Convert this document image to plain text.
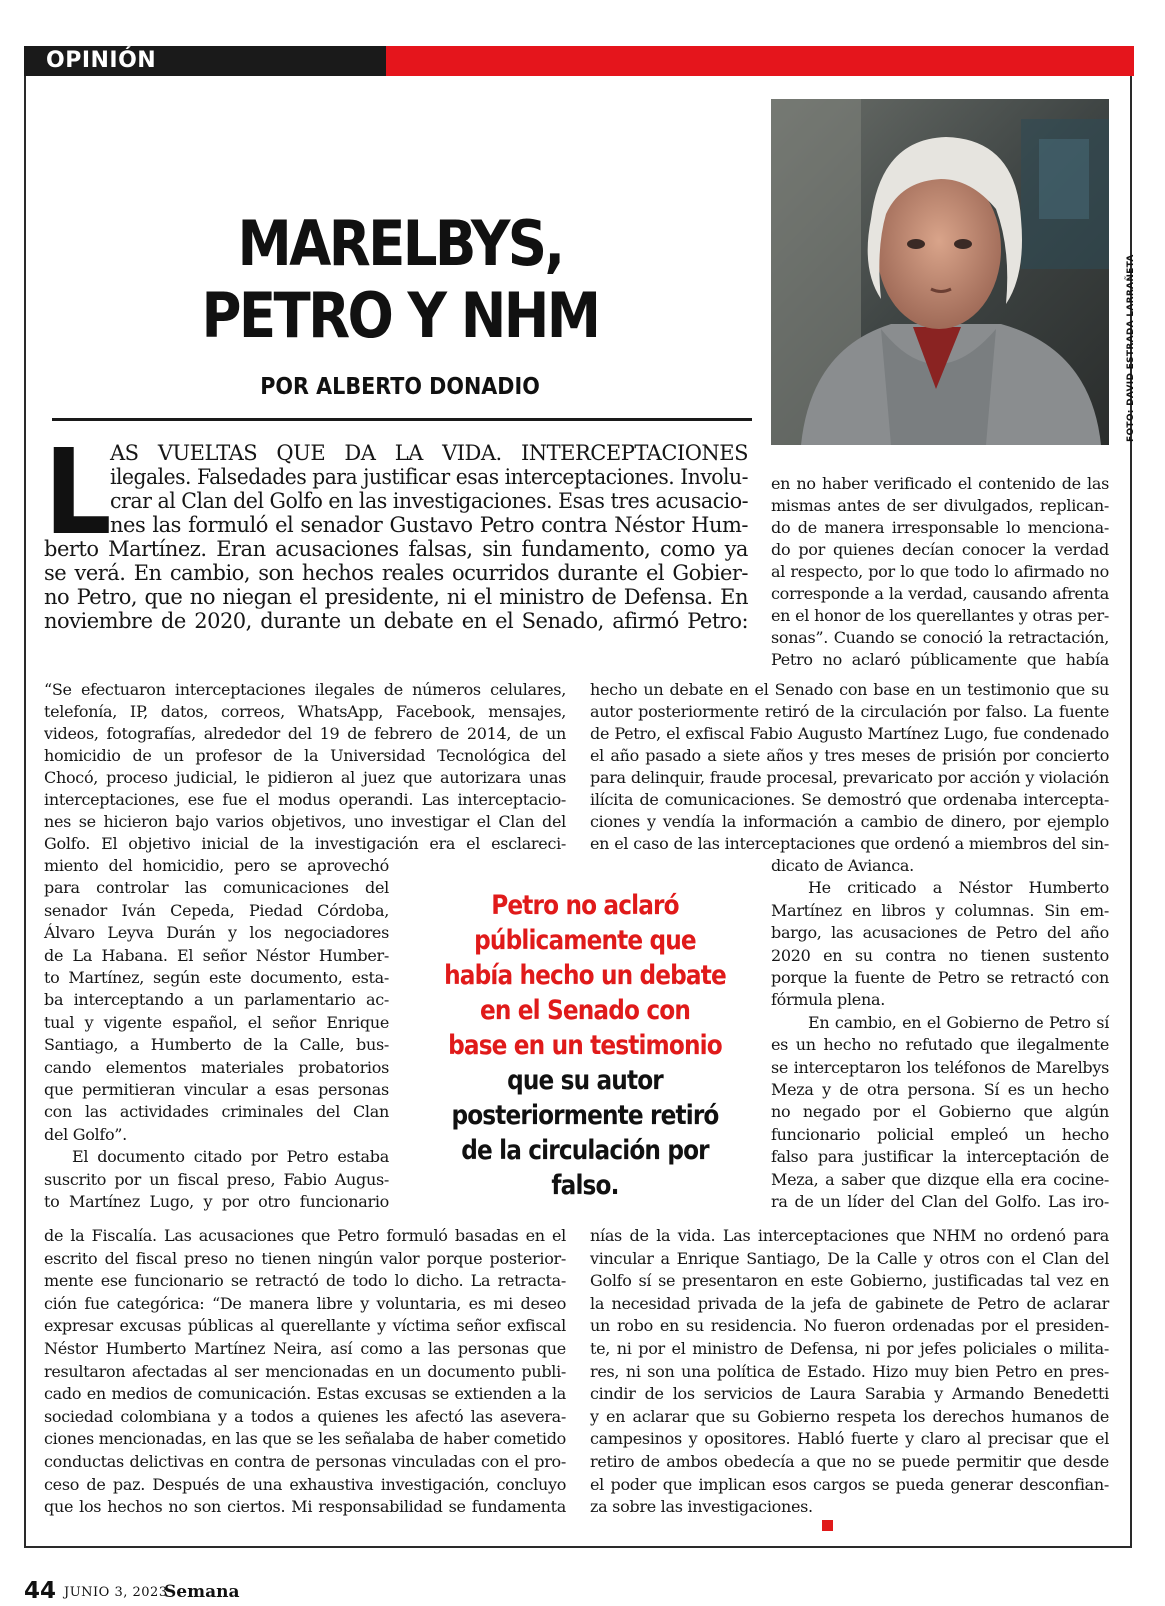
OPINIÓN
MARELBYS,
PETRO Y NHM
POR ALBERTO DONADIO	FOTO: DAVID ESTRADA LARRAÑETA
L
AS VUELTAS QUE DA LA VIDA. INTERCEPTACIONES
ilegales. Falsedades para justificar esas interceptaciones. Involu-
crar al Clan del Golfo en las investigaciones. Esas tres acusacio-
nes las formuló el senador Gustavo Petro contra Néstor Hum-
berto Martínez. Eran acusaciones falsas, sin fundamento, como ya
se verá. En cambio, son hechos reales ocurridos durante el Gobier-
no Petro, que no niegan el presidente, ni el ministro de Defensa. En
noviembre de 2020, durante un debate en el Senado, afirmó Petro:
“Se efectuaron interceptaciones ilegales de números celulares,
telefonía, IP, datos, correos, WhatsApp, Facebook, mensajes,
videos, fotografías, alrededor del 19 de febrero de 2014, de un
homicidio de un profesor de la Universidad Tecnológica del
Chocó, proceso judicial, le pidieron al juez que autorizara unas
interceptaciones, ese fue el modus operandi. Las interceptacio-
nes se hicieron bajo varios objetivos, uno investigar el Clan del
Golfo. El objetivo inicial de la investigación era el esclareci-
miento del homicidio, pero se aprovechó
para controlar las comunicaciones del
senador Iván Cepeda, Piedad Córdoba,
Álvaro Leyva Durán y los negociadores
de La Habana. El señor Néstor Humber-
to Martínez, según este documento, esta-
ba interceptando a un parlamentario ac-
tual y vigente español, el señor Enrique
Santiago, a Humberto de la Calle, bus-
cando elementos materiales probatorios
que permitieran vincular a esas personas
con las actividades criminales del Clan
del Golfo”.
El documento citado por Petro estaba
suscrito por un fiscal preso, Fabio Augus-
to Martínez Lugo, y por otro funcionario
de la Fiscalía. Las acusaciones que Petro formuló basadas en el
escrito del fiscal preso no tienen ningún valor porque posterior-
mente ese funcionario se retractó de todo lo dicho. La retracta-
ción fue categórica: “De manera libre y voluntaria, es mi deseo
expresar excusas públicas al querellante y víctima señor exfiscal
Néstor Humberto Martínez Neira, así como a las personas que
resultaron afectadas al ser mencionadas en un documento publi-
cado en medios de comunicación. Estas excusas se extienden a la
sociedad colombiana y a todos a quienes les afectó las asevera-
ciones mencionadas, en las que se les señalaba de haber cometido
conductas delictivas en contra de personas vinculadas con el pro-
ceso de paz. Después de una exhaustiva investigación, concluyo
que los hechos no son ciertos. Mi responsabilidad se fundamenta
en no haber verificado el contenido de las
mismas antes de ser divulgados, replican-
do de manera irresponsable lo menciona-
do por quienes decían conocer la verdad
al respecto, por lo que todo lo afirmado no
corresponde a la verdad, causando afrenta
en el honor de los querellantes y otras per-
sonas”. Cuando se conoció la retractación,
Petro no aclaró públicamente que había
hecho un debate en el Senado con base en un testimonio que su
autor posteriormente retiró de la circulación por falso. La fuente
de Petro, el exfiscal Fabio Augusto Martínez Lugo, fue condenado
el año pasado a siete años y tres meses de prisión por concierto
para delinquir, fraude procesal, prevaricato por acción y violación
ilícita de comunicaciones. Se demostró que ordenaba intercepta-
ciones y vendía la información a cambio de dinero, por ejemplo
en el caso de las interceptaciones que ordenó a miembros del sin-
dicato de Avianca.
He criticado a Néstor Humberto
Martínez en libros y columnas. Sin em-
bargo, las acusaciones de Petro del año
2020 en su contra no tienen sustento
porque la fuente de Petro se retractó con
fórmula plena.
En cambio, en el Gobierno de Petro sí
es un hecho no refutado que ilegalmente
se interceptaron los teléfonos de Marelbys
Meza y de otra persona. Sí es un hecho
no negado por el Gobierno que algún
funcionario policial empleó un hecho
falso para justificar la interceptación de
Meza, a saber que dizque ella era cocine-
ra de un líder del Clan del Golfo. Las iro-
nías de la vida. Las interceptaciones que NHM no ordenó para
vincular a Enrique Santiago, De la Calle y otros con el Clan del
Golfo sí se presentaron en este Gobierno, justificadas tal vez en
la necesidad privada de la jefa de gabinete de Petro de aclarar
un robo en su residencia. No fueron ordenadas por el presiden-
te, ni por el ministro de Defensa, ni por jefes policiales o milita-
res, ni son una política de Estado. Hizo muy bien Petro en pres-
cindir de los servicios de Laura Sarabia y Armando Benedetti
y en aclarar que su Gobierno respeta los derechos humanos de
campesinos y opositores. Habló fuerte y claro al precisar que el
retiro de ambos obedecía a que no se puede permitir que desde
el poder que implican esos cargos se pueda generar desconfian-
za sobre las investigaciones.
Petro no aclaró
públicamente que
había hecho un debate
en el Senado con
base en un testimonio
que su autor
posteriormente retiró
de la circulación por
falso.
44 JUNIO 3, 2023
Semana
